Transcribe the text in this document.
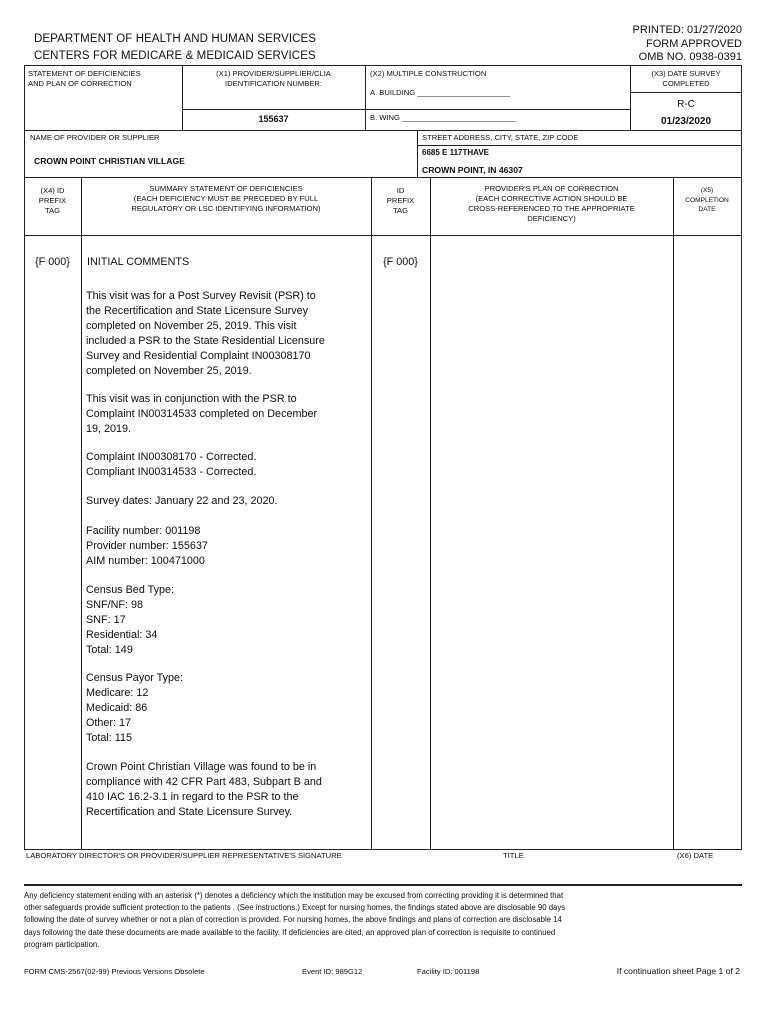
DEPARTMENT OF HEALTH AND HUMAN SERVICES
CENTERS FOR MEDICARE & MEDICAID SERVICES
PRINTED: 01/27/2020
FORM APPROVED
OMB NO. 0938-0391
STATEMENT OF DEFICIENCIES
AND PLAN OF CORRECTION
(X1) PROVIDER/SUPPLIER/CLIA
IDENTIFICATION NUMBER:
155637
(X2) MULTIPLE CONSTRUCTION
A. BUILDING ______________________
B. WING ___________________________
(X3) DATE SURVEY
COMPLETED
R-C
01/23/2020
NAME OF PROVIDER OR SUPPLIER
CROWN POINT CHRISTIAN VILLAGE
STREET ADDRESS, CITY, STATE, ZIP CODE
6685 E 117THAVE
CROWN POINT, IN 46307
(X4) ID
PREFIX
TAG
SUMMARY STATEMENT OF DEFICIENCIES
(EACH DEFICIENCY MUST BE PRECEDED BY FULL
REGULATORY OR LSC IDENTIFYING INFORMATION)
ID
PREFIX
TAG
PROVIDER'S PLAN OF CORRECTION
(EACH CORRECTIVE ACTION SHOULD BE
CROSS-REFERENCED TO THE APPROPRIATE
DEFICIENCY)
(X5)
COMPLETION
DATE
{F 000}	INITIAL COMMENTS	{F 000}
This visit was for a Post Survey Revisit (PSR) to
the Recertification and State Licensure Survey
completed on November 25, 2019. This visit
included a PSR to the State Residential Licensure
Survey and Residential Complaint IN00308170
completed on November 25, 2019.
This visit was in conjunction with the PSR to
Complaint IN00314533 completed on December
19, 2019.
Complaint IN00308170 - Corrected.
Compliant IN00314533 - Corrected.
Survey dates: January 22 and 23, 2020.
Facility number: 001198
Provider number: 155637
AIM number: 100471000
Census Bed Type:
SNF/NF: 98
SNF: 17
Residential: 34
Total: 149
Census Payor Type:
Medicare: 12
Medicaid: 86
Other: 17
Total: 115
Crown Point Christian Village was found to be in
compliance with 42 CFR Part 483, Subpart B and
410 IAC 16.2-3.1 in regard to the PSR to the
Recertification and State Licensure Survey.
LABORATORY DIRECTOR'S OR PROVIDER/SUPPLIER REPRESENTATIVE'S SIGNATURE	TITLE	(X6) DATE
Any deficiency statement ending with an asterisk (*) denotes a deficiency which the institution may be excused from correcting providing it is determined that
other safeguards provide sufficient protection to the patients . (See instructions.) Except for nursing homes, the findings stated above are disclosable 90 days
following the date of survey whether or not a plan of correction is provided. For nursing homes, the above findings and plans of correction are disclosable 14
days following the date these documents are made available to the facility. If deficiencies are cited, an approved plan of correction is requisite to continued
program participation.
FORM CMS-2567(02-99) Previous Versions Obsolete	Event ID: 989G12	Facility ID: 001198	If continuation sheet Page 1 of 2
